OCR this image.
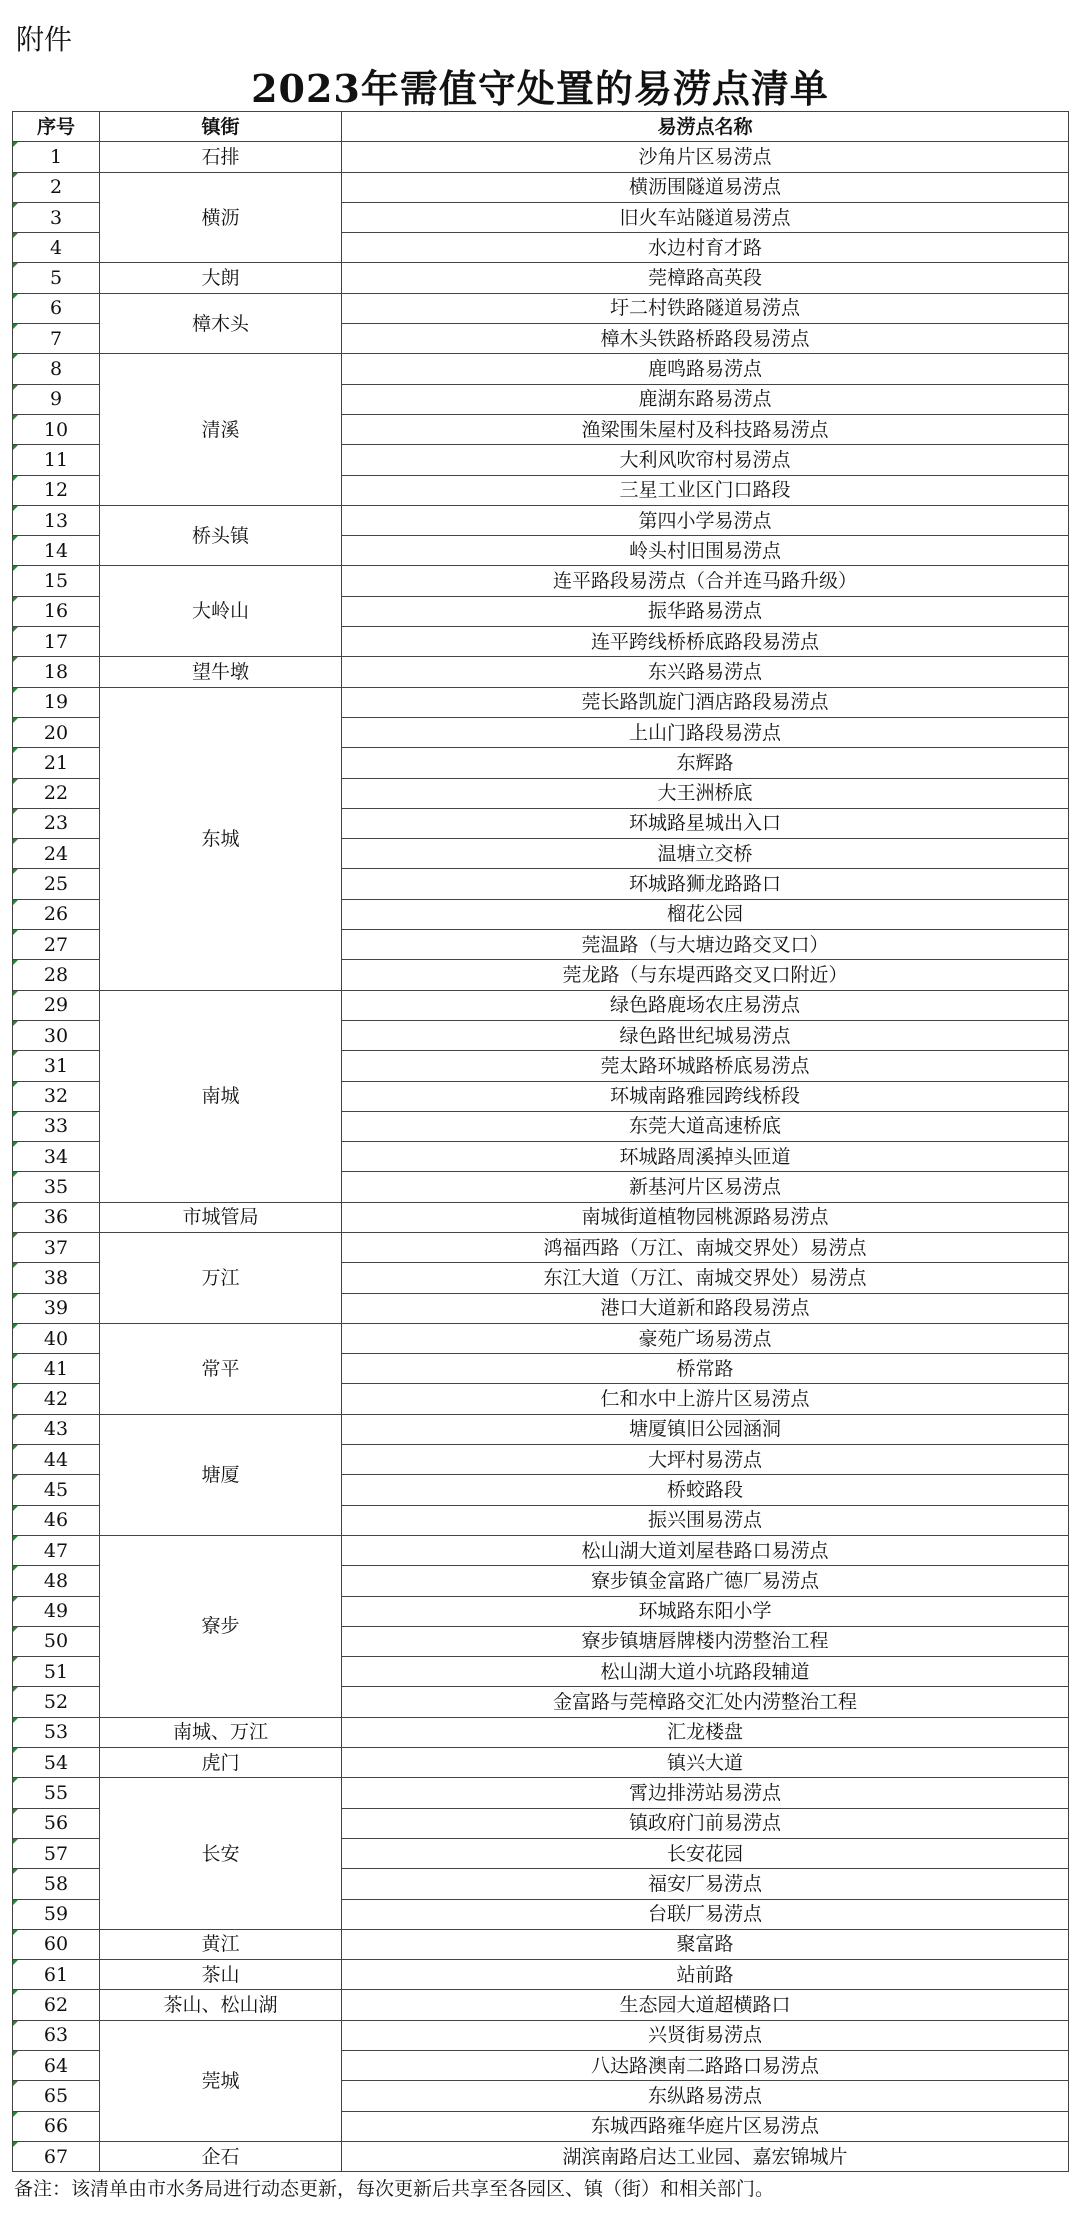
附件
2023年需值守处置的易涝点清单
序号	镇街	易涝点名称
1	石排	沙角片区易涝点
2	横沥	横沥围隧道易涝点
3		旧火车站隧道易涝点
4		水边村育才路
5	大朗	莞樟路高英段
6	樟木头	圩二村铁路隧道易涝点
7		樟木头铁路桥路段易涝点
8	清溪	鹿鸣路易涝点
9		鹿湖东路易涝点
10		渔梁围朱屋村及科技路易涝点
11		大利风吹帘村易涝点
12		三星工业区门口路段
13	桥头镇	第四小学易涝点
14		岭头村旧围易涝点
15	大岭山	连平路段易涝点（合并连马路升级）
16		振华路易涝点
17		连平跨线桥桥底路段易涝点
18	望牛墩	东兴路易涝点
19	东城	莞长路凯旋门酒店路段易涝点
20		上山门路段易涝点
21		东辉路
22		大王洲桥底
23		环城路星城出入口
24		温塘立交桥
25		环城路狮龙路路口
26		榴花公园
27		莞温路（与大塘边路交叉口）
28		莞龙路（与东堤西路交叉口附近）
29	南城	绿色路鹿场农庄易涝点
30		绿色路世纪城易涝点
31		莞太路环城路桥底易涝点
32		环城南路雅园跨线桥段
33		东莞大道高速桥底
34		环城路周溪掉头匝道
35		新基河片区易涝点
36	市城管局	南城街道植物园桃源路易涝点
37	万江	鸿福西路（万江、南城交界处）易涝点
38		东江大道（万江、南城交界处）易涝点
39		港口大道新和路段易涝点
40	常平	豪苑广场易涝点
41		桥常路
42		仁和水中上游片区易涝点
43	塘厦	塘厦镇旧公园涵洞
44		大坪村易涝点
45		桥蛟路段
46		振兴围易涝点
47	寮步	松山湖大道刘屋巷路口易涝点
48		寮步镇金富路广德厂易涝点
49		环城路东阳小学
50		寮步镇塘唇牌楼内涝整治工程
51		松山湖大道小坑路段辅道
52		金富路与莞樟路交汇处内涝整治工程
53	南城、万江	汇龙楼盘
54	虎门	镇兴大道
55	长安	霄边排涝站易涝点
56		镇政府门前易涝点
57		长安花园
58		福安厂易涝点
59		台联厂易涝点
60	黄江	聚富路
61	茶山	站前路
62	茶山、松山湖	生态园大道超横路口
63	莞城	兴贤街易涝点
64		八达路澳南二路路口易涝点
65		东纵路易涝点
66		东城西路雍华庭片区易涝点
67	企石	湖滨南路启达工业园、嘉宏锦城片
备注：该清单由市水务局进行动态更新，每次更新后共享至各园区、镇（街）和相关部门。
